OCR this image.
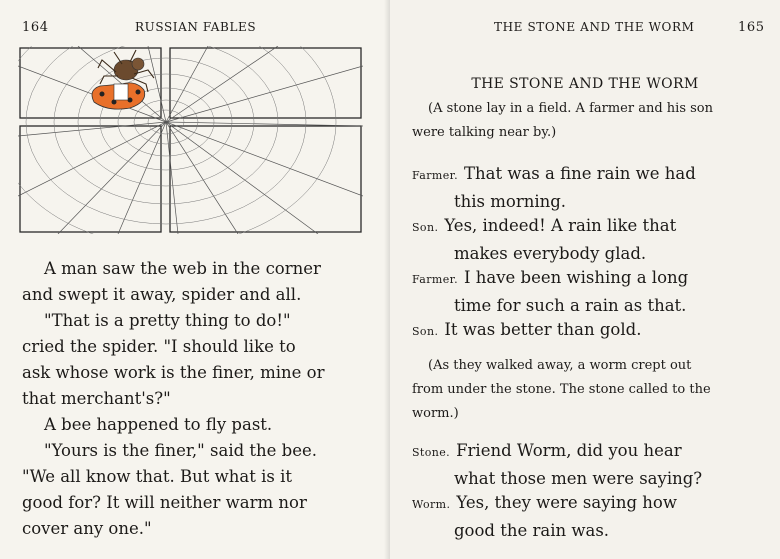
164	RUSSIAN FABLES

A man saw the web in the corner

and swept it away, spider and all.

"That is a pretty thing to do!"

cried the spider. "I should like to

ask whose work is the finer, mine or

that merchant's?"

A bee happened to fly past.

"Yours is the finer," said the bee.

"We all know that. But what is it

good for? It will neither warm nor

cover any one."

THE STONE AND THE WORM	165
THE STONE AND THE WORM
(A stone lay in a field. A farmer and his son
were talking near by.)
Farmer. That was a fine rain we had
this morning.
Son. Yes, indeed! A rain like that
makes everybody glad.
Farmer. I have been wishing a long
time for such a rain as that.
Son. It was better than gold.
(As they walked away, a worm crept out
from under the stone. The stone called to the
worm.)
Stone. Friend Worm, did you hear
what those men were saying?
Worm. Yes, they were saying how
good the rain was.
